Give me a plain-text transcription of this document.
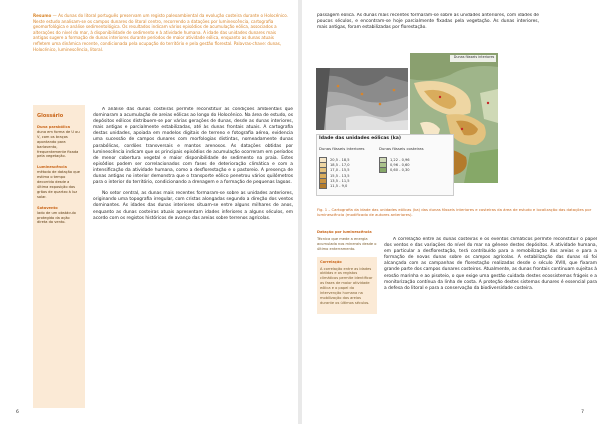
Resumo — As dunas do litoral português preservam um registo paleoambiental da evolução costeira durante o Holocénico. Neste estudo analisam-se os campos dunares do litoral centro, recorrendo a datações por luminescência, cartografia geomorfológica e análise sedimentológica. Os resultados indicam vários episódios de acumulação eólica, associados a alterações do nível do mar, à disponibilidade de sedimento e à atividade humana. A idade das unidades dunares mais antigas sugere a formação de dunas interiores durante períodos de maior atividade eólica, enquanto as dunas atuais refletem uma dinâmica recente, condicionada pela ocupação do território e pela gestão florestal. Palavras-chave: dunas, Holocénico, luminescência, litoral.
Glossário
Duna parabólica
duna em forma de U ou V, com os braços apontando para barlavento, frequentemente fixada pela vegetação.
Luminescência
método de datação que estima o tempo decorrido desde a última exposição dos grãos de quartzo à luz solar.
Sotavento
lado de um obstáculo protegido da ação direta do vento.

A análise das dunas costeiras permite reconstituir as condições ambientais que dominaram a acumulação de areias eólicas ao longo do Holocénico. Na área de estudo, os depósitos eólicos distribuem-se por várias gerações de dunas, desde as dunas interiores, mais antigas e parcialmente estabilizadas, até às dunas frontais atuais. A cartografia destas unidades, apoiada em modelos digitais de terreno e fotografia aérea, evidencia uma sucessão de campos dunares com morfologias distintas, nomeadamente dunas parabólicas, cordões transversais e mantos arenosos. As datações obtidas por luminescência indicam que os principais episódios de acumulação ocorreram em períodos de menor cobertura vegetal e maior disponibilidade de sedimento na praia. Estes episódios podem ser correlacionados com fases de deterioração climática e com a intensificação da atividade humana, como a desflorestação e o pastoreio. A presença de dunas antigas no interior demonstra que o transporte eólico penetrou vários quilómetros para o interior do território, condicionando a drenagem e a formação de pequenas lagoas.

No setor central, as dunas mais recentes formaram-se sobre as unidades anteriores, originando uma topografia irregular, com cristas alongadas segundo a direção dos ventos dominantes. As idades das dunas interiores situam-se entre alguns milhares de anos, enquanto as dunas costeiras atuais apresentam idades inferiores a alguns séculos, em acordo com os registos históricos de avanço das areias sobre terrenos agrícolas.

6

passagem eólica. As dunas mais recentes formaram-se sobre as unidades anteriores, com idades de poucos séculos, e encontram-se hoje parcialmente fixadas pela vegetação. As dunas interiores, mais antigas, foram estabilizadas por florestação.

Dunas fósseis interiores
Idade das unidades eólicas (ka)
Dunas fósseis interiores	Dunas fósseis costeiras
20,5 - 18,5
18,5 - 17,0
17,0 - 15,5
15,5 - 13,5
13,5 - 11,5
11,5 - 9,0
1,22 - 0,96
0,96 - 0,60
0,60 - 0,30
Fig. 1 – Cartografia da idade das unidades eólicas (ka) das dunas fósseis interiores e costeiras da área de estudo e localização das datações por luminescência (modificado de autores anteriores).
Datação por luminescência
Técnica que mede a energia acumulada nos minerais desde o último enterramento.
Correlação
A correlação entre as idades obtidas e os registos climáticos permite identificar as fases de maior atividade eólica e o papel da intervenção humana na mobilização das areias durante os últimos séculos.

A correlação entre as dunas costeiras e os eventos climáticos permite reconstituir o papel dos ventos e das variações do nível do mar na génese destes depósitos. A atividade humana, em particular a desflorestação, terá contribuído para a remobilização das areias e para a formação de novas dunas sobre os campos agrícolas. A estabilização das dunas só foi alcançada com as campanhas de florestação realizadas desde o século XVIII, que fixaram grande parte dos campos dunares costeiros. Atualmente, as dunas frontais continuam sujeitas à erosão marinha e ao pisoteio, o que exige uma gestão cuidada destes ecossistemas frágeis e a monitorização contínua da linha de costa. A proteção destes sistemas dunares é essencial para a defesa do litoral e para a conservação da biodiversidade costeira.

7
